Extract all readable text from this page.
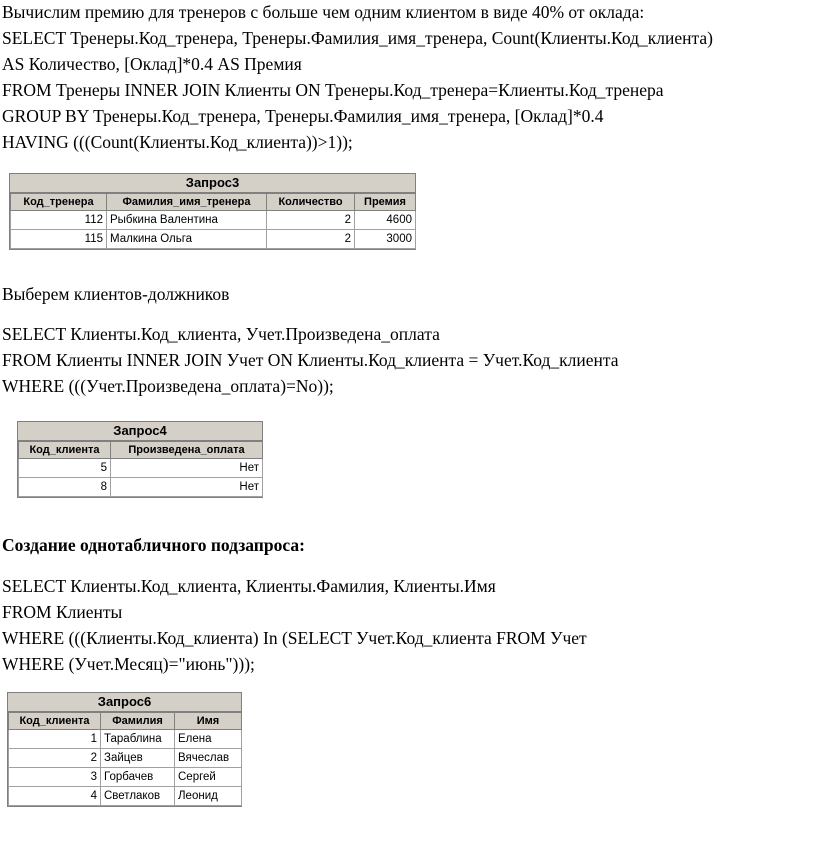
Вычислим премию для тренеров с больше чем одним клиентом в виде 40% от оклада:
SELECT Тренеры.Код_тренера, Тренеры.Фамилия_имя_тренера, Count(Клиенты.Код_клиента)
AS Количество, [Оклад]*0.4 AS Премия
FROM Тренеры INNER JOIN Клиенты ON Тренеры.Код_тренера=Клиенты.Код_тренера
GROUP BY Тренеры.Код_тренера, Тренеры.Фамилия_имя_тренера, [Оклад]*0.4
HAVING (((Count(Клиенты.Код_клиента))>1));
Запрос3
Код_тренера	Фамилия_имя_тренера	Количество	Премия
112	Рыбкина Валентина	2	4600
115	Малкина Ольга	2	3000
Выберем клиентов-должников
SELECT Клиенты.Код_клиента, Учет.Произведена_оплата
FROM Клиенты INNER JOIN Учет ON Клиенты.Код_клиента = Учет.Код_клиента
WHERE (((Учет.Произведена_оплата)=No));
Запрос4
Код_клиента	Произведена_оплата
5	Нет
8	Нет
Создание однотабличного подзапроса:
SELECT Клиенты.Код_клиента, Клиенты.Фамилия, Клиенты.Имя
FROM Клиенты
WHERE (((Клиенты.Код_клиента) In (SELECT Учет.Код_клиента FROM Учет
WHERE (Учет.Месяц)="июнь")));
Запрос6
Код_клиента	Фамилия	Имя
1	Тараблина	Елена
2	Зайцев	Вячеслав
3	Горбачев	Сергей
4	Светлаков	Леонид
